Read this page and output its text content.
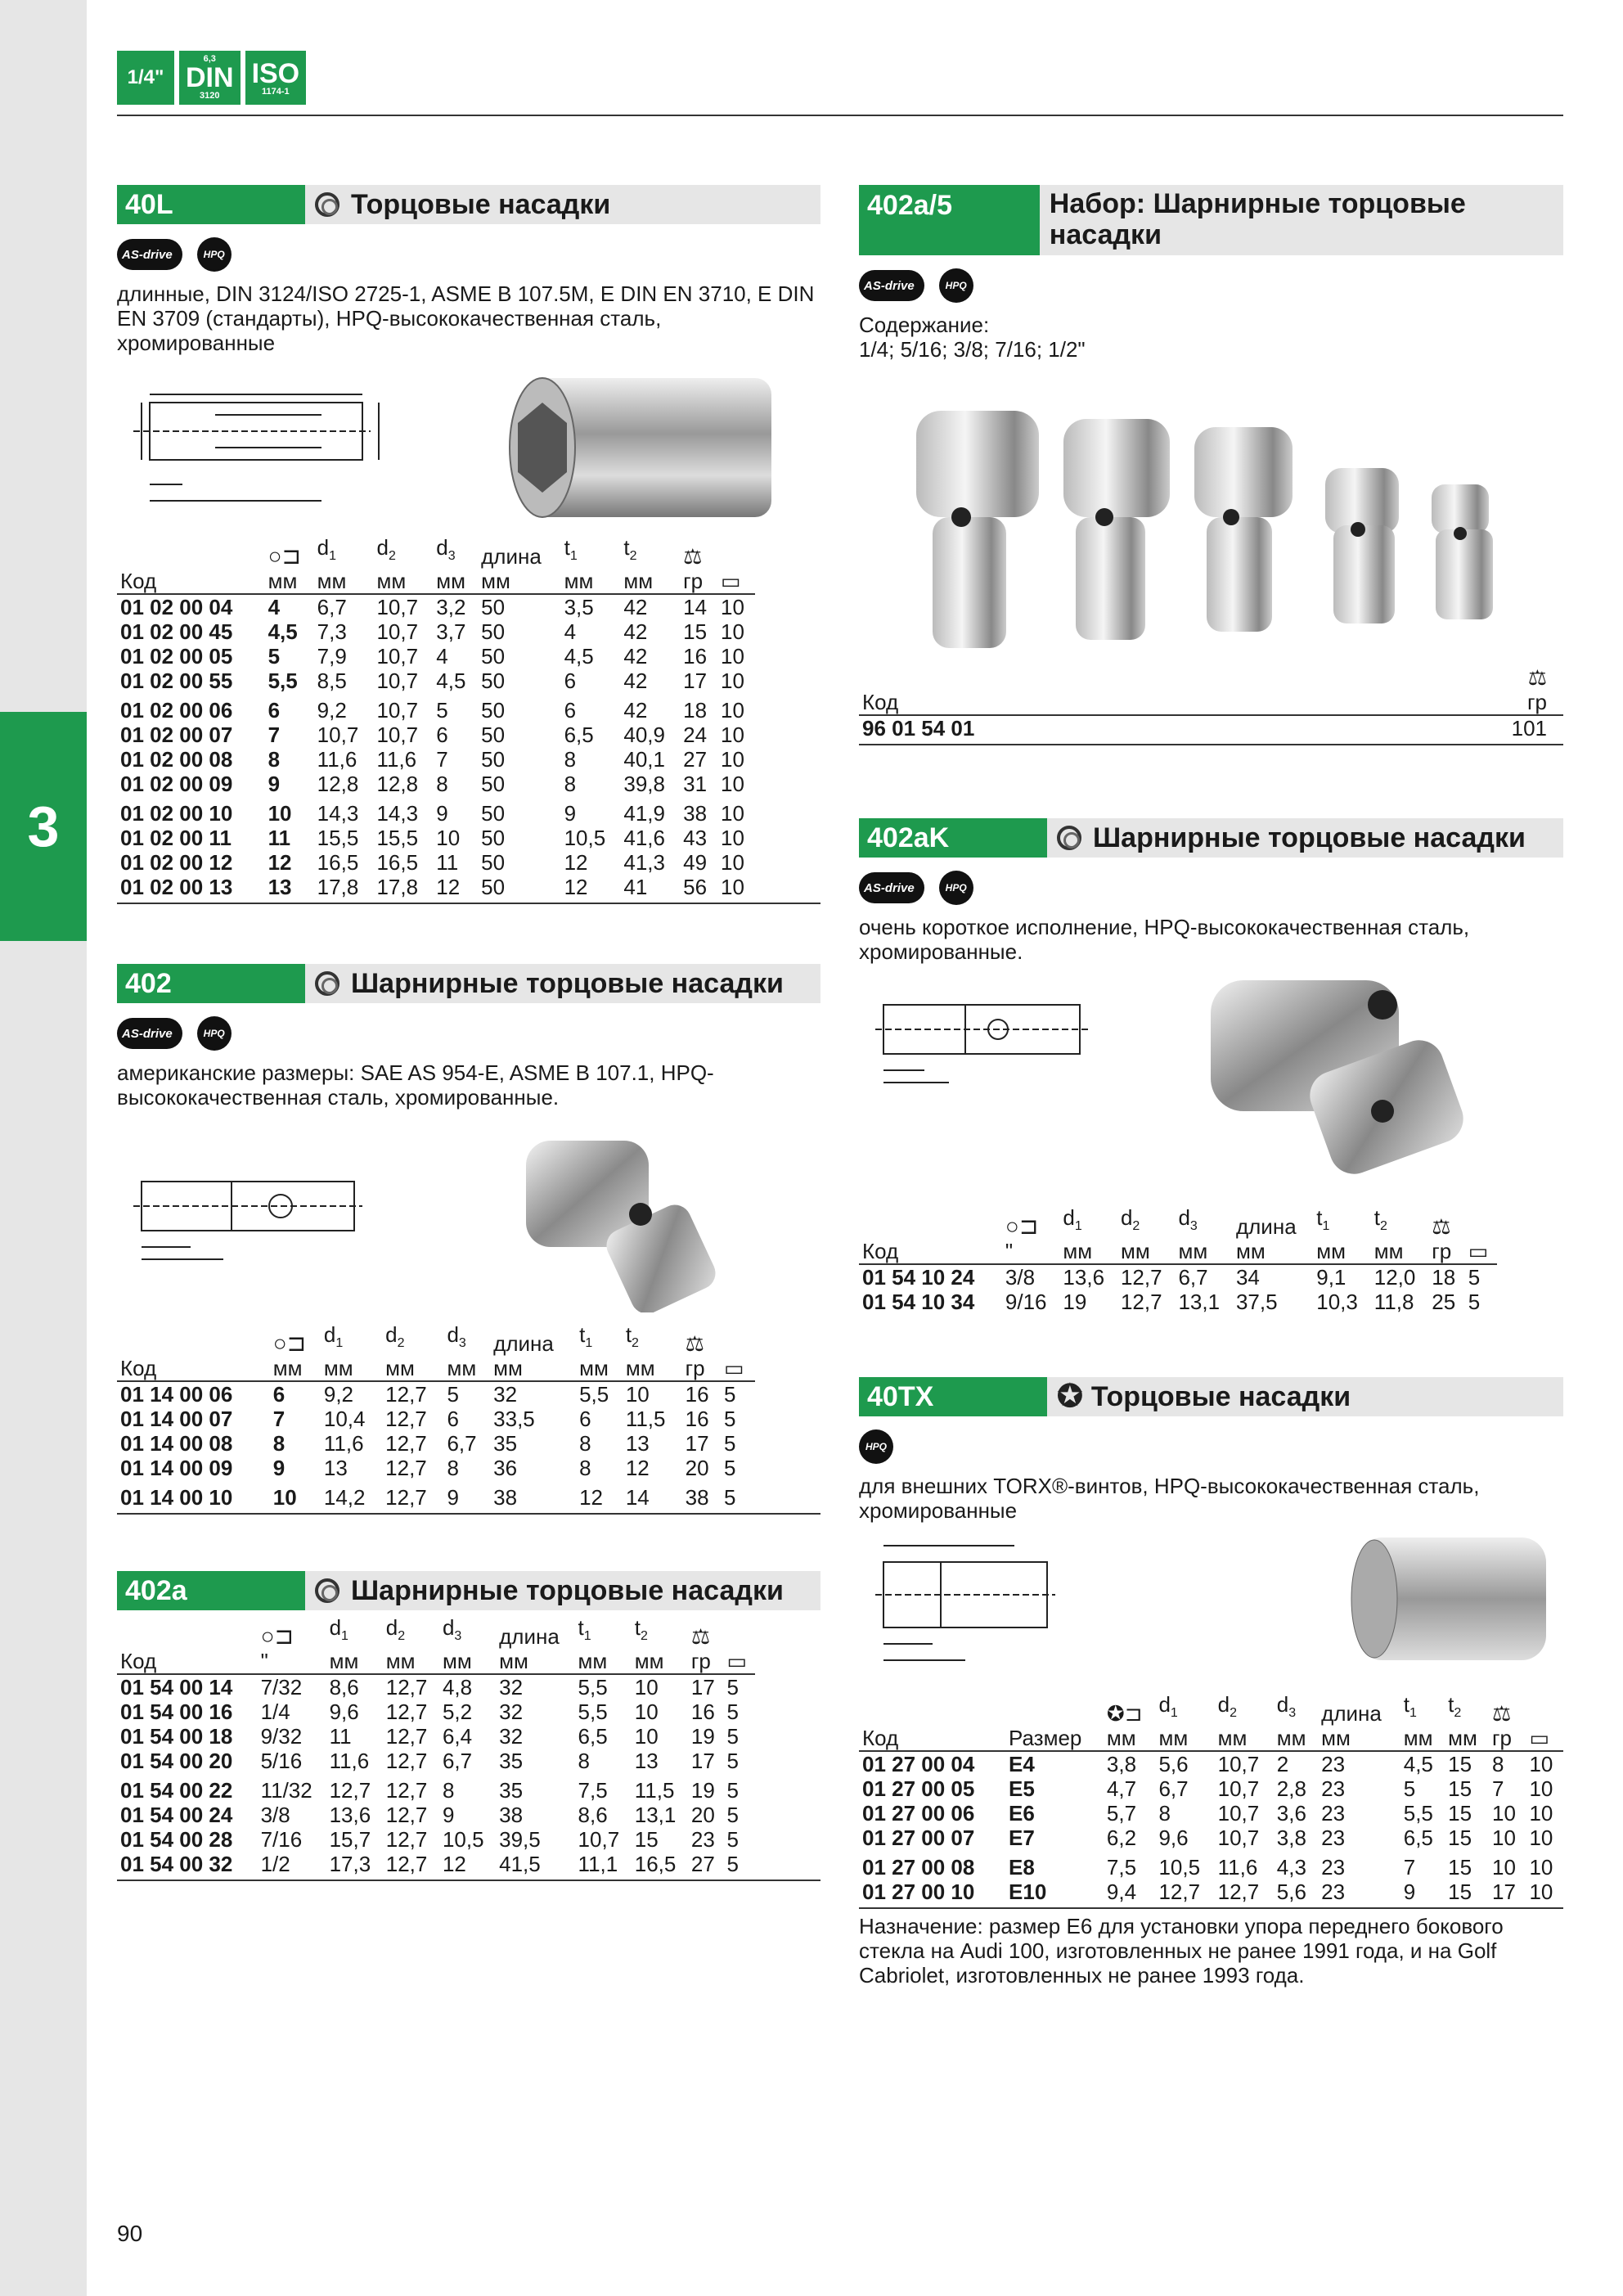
3
1/4"
6,3
DIN
3120
ISO
1174-1
40L	Торцовые насадки
AS-drive	HPQ
длинные, DIN 3124/ISO 2725-1, ASME B 107.5M, E DIN EN 3710, E DIN EN 3709 (стандарты), HPQ-высококачественная сталь, хромированные
	○⊐	$d_1$	$d_2$	$d_3$	длина	$t_1$	$t_2$	⚖	
Код	мм	мм	мм	мм	мм	мм	мм	гр	▭
01 02 00 04	4	6,7	10,7	3,2	50	3,5	42	14	10
01 02 00 45	4,5	7,3	10,7	3,7	50	4	42	15	10
01 02 00 05	5	7,9	10,7	4	50	4,5	42	16	10
01 02 00 55	5,5	8,5	10,7	4,5	50	6	42	17	10
01 02 00 06	6	9,2	10,7	5	50	6	42	18	10
01 02 00 07	7	10,7	10,7	6	50	6,5	40,9	24	10
01 02 00 08	8	11,6	11,6	7	50	8	40,1	27	10
01 02 00 09	9	12,8	12,8	8	50	8	39,8	31	10
01 02 00 10	10	14,3	14,3	9	50	9	41,9	38	10
01 02 00 11	11	15,5	15,5	10	50	10,5	41,6	43	10
01 02 00 12	12	16,5	16,5	11	50	12	41,3	49	10
01 02 00 13	13	17,8	17,8	12	50	12	41	56	10
402	Шарнирные торцовые насадки
AS-drive	HPQ
американские размеры: SAE AS 954-E, ASME B 107.1, HPQ-высококачественная сталь, хромированные.
	○⊐	$d_1$	$d_2$	$d_3$	длина	$t_1$	$t_2$	⚖	
Код	мм	мм	мм	мм	мм	мм	мм	гр	▭
01 14 00 06	6	9,2	12,7	5	32	5,5	10	16	5
01 14 00 07	7	10,4	12,7	6	33,5	6	11,5	16	5
01 14 00 08	8	11,6	12,7	6,7	35	8	13	17	5
01 14 00 09	9	13	12,7	8	36	8	12	20	5
01 14 00 10	10	14,2	12,7	9	38	12	14	38	5
402a	Шарнирные торцовые насадки
	○⊐	$d_1$	$d_2$	$d_3$	длина	$t_1$	$t_2$	⚖	
Код	"	мм	мм	мм	мм	мм	мм	гр	▭
01 54 00 14	7/32	8,6	12,7	4,8	32	5,5	10	17	5
01 54 00 16	1/4	9,6	12,7	5,2	32	5,5	10	16	5
01 54 00 18	9/32	11	12,7	6,4	32	6,5	10	19	5
01 54 00 20	5/16	11,6	12,7	6,7	35	8	13	17	5
01 54 00 22	11/32	12,7	12,7	8	35	7,5	11,5	19	5
01 54 00 24	3/8	13,6	12,7	9	38	8,6	13,1	20	5
01 54 00 28	7/16	15,7	12,7	10,5	39,5	10,7	15	23	5
01 54 00 32	1/2	17,3	12,7	12	41,5	11,1	16,5	27	5
402a/5	Набор: Шарнирные торцовые насадки
AS-drive	HPQ
Содержание:
1/4; 5/16; 3/8; 7/16; 1/2"
	⚖
Код	гр
96 01 54 01	101
402aK	Шарнирные торцовые насадки
AS-drive	HPQ
очень короткое исполнение, HPQ-высококачественная сталь, хромированные.
	○⊐	$d_1$	$d_2$	$d_3$	длина	$t_1$	$t_2$	⚖	
Код	"	мм	мм	мм	мм	мм	мм	гр	▭
01 54 10 24	3/8	13,6	12,7	6,7	34	9,1	12,0	18	5
01 54 10 34	9/16	19	12,7	13,1	37,5	10,3	11,8	25	5
40TX	✪ Торцовые насадки
HPQ
для внешних TORX®-винтов, HPQ-высококачественная сталь, хромированные
		✪⊐	$d_1$	$d_2$	$d_3$	длина	$t_1$	$t_2$	⚖	
Код	Размер	мм	мм	мм	мм	мм	мм	мм	гр	▭
01 27 00 04	E4	3,8	5,6	10,7	2	23	4,5	15	8	10
01 27 00 05	E5	4,7	6,7	10,7	2,8	23	5	15	7	10
01 27 00 06	E6	5,7	8	10,7	3,6	23	5,5	15	10	10
01 27 00 07	E7	6,2	9,6	10,7	3,8	23	6,5	15	10	10
01 27 00 08	E8	7,5	10,5	11,6	4,3	23	7	15	10	10
01 27 00 10	E10	9,4	12,7	12,7	5,6	23	9	15	17	10
Назначение: размер E6 для установки упора переднего бокового стекла на Audi 100, изготовленных не ранее 1991 года, и на Golf Cabriolet, изготовленных не ранее 1993 года.
90
